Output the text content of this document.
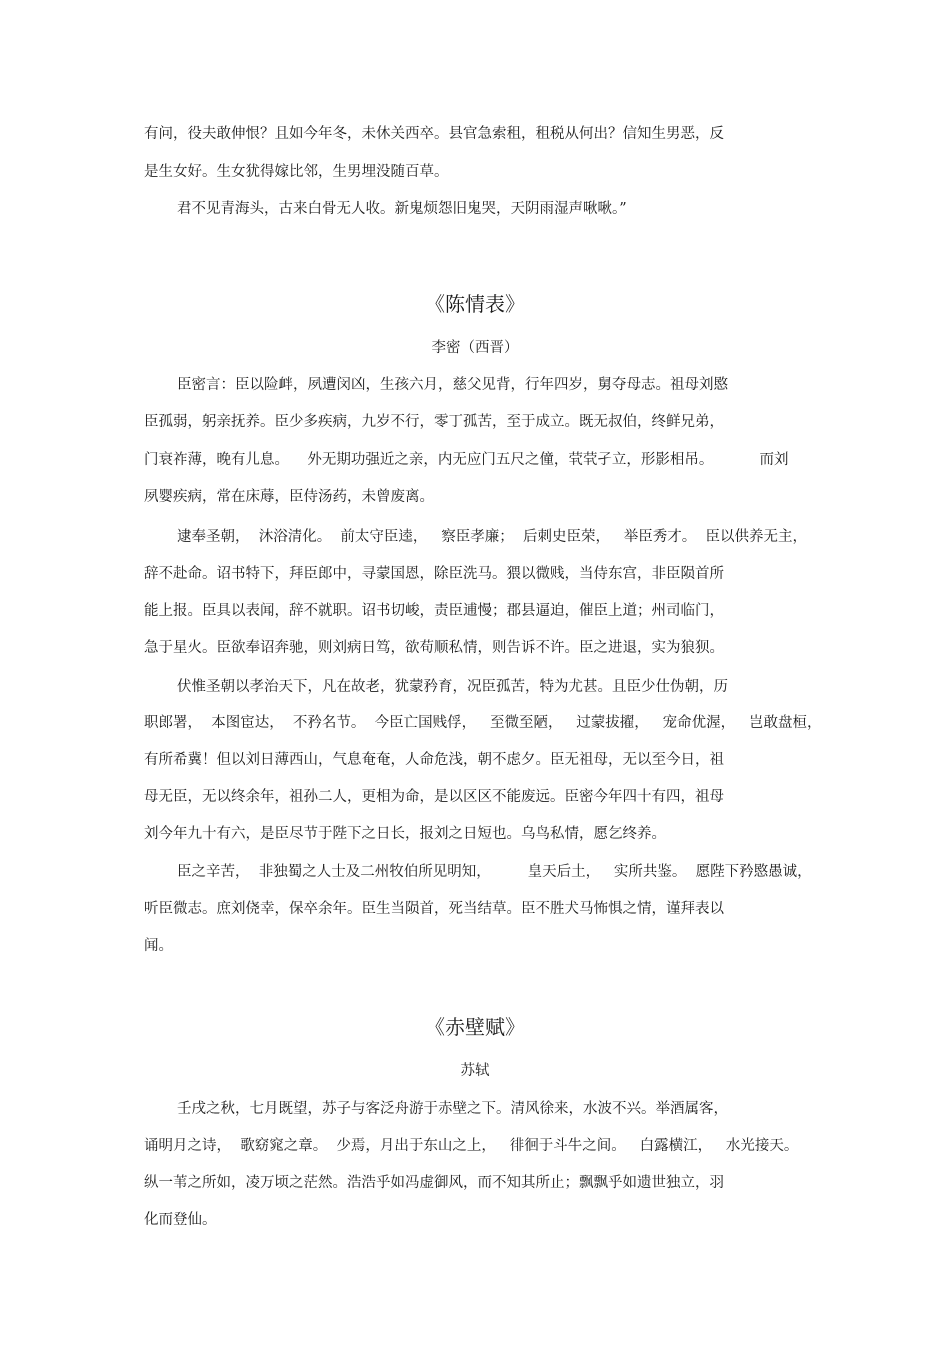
有问，役夫敢伸恨？且如今年冬，未休关西卒。县官急索租，租税从何出？信知生男恶，反
是生女好。生女犹得嫁比邻，生男埋没随百草。
君不见青海头，古来白骨无人收。新鬼烦怨旧鬼哭，天阴雨湿声啾啾。”
《陈情表》
李密（西晋）
臣密言：臣以险衅，夙遭闵凶，生孩六月，慈父见背，行年四岁，舅夺母志。祖母刘愍
臣孤弱，躬亲抚养。臣少多疾病，九岁不行，零丁孤苦，至于成立。既无叔伯，终鲜兄弟，
门衰祚薄，晚有儿息。    外无期功强近之亲，内无应门五尺之僮，茕茕孑立，形影相吊。          而刘
夙婴疾病，常在床蓐，臣侍汤药，未曾废离。
逮奉圣朝，  沐浴清化。  前太守臣逵，   察臣孝廉；  后刺史臣荣，   举臣秀才。  臣以供养无主，
辞不赴命。诏书特下，拜臣郎中，寻蒙国恩，除臣洗马。猥以微贱，当侍东宫，非臣陨首所
能上报。臣具以表闻，辞不就职。诏书切峻，责臣逋慢；郡县逼迫，催臣上道；州司临门，
急于星火。臣欲奉诏奔驰，则刘病日笃，欲苟顺私情，则告诉不许。臣之进退，实为狼狈。
伏惟圣朝以孝治天下，凡在故老，犹蒙矜育，况臣孤苦，特为尤甚。且臣少仕伪朝，历
职郎署，  本图宦达，  不矜名节。  今臣亡国贱俘，   至微至陋，   过蒙拔擢，   宠命优渥，   岂敢盘桓，
有所希冀！但以刘日薄西山，气息奄奄，人命危浅，朝不虑夕。臣无祖母，无以至今日，祖
母无臣，无以终余年，祖孙二人，更相为命，是以区区不能废远。臣密今年四十有四，祖母
刘今年九十有六，是臣尽节于陛下之日长，报刘之日短也。乌鸟私情，愿乞终养。
臣之辛苦，  非独蜀之人士及二州牧伯所见明知，        皇天后土，   实所共鉴。  愿陛下矜愍愚诚，
听臣微志。庶刘侥幸，保卒余年。臣生当陨首，死当结草。臣不胜犬马怖惧之情，谨拜表以
闻。
《赤壁赋》
苏轼
壬戌之秋，七月既望，苏子与客泛舟游于赤壁之下。清风徐来，水波不兴。举酒属客，
诵明月之诗，  歌窈窕之章。  少焉，月出于东山之上，   徘徊于斗牛之间。   白露横江，   水光接天。
纵一苇之所如，凌万顷之茫然。浩浩乎如冯虚御风，而不知其所止；飘飘乎如遗世独立，羽
化而登仙。
